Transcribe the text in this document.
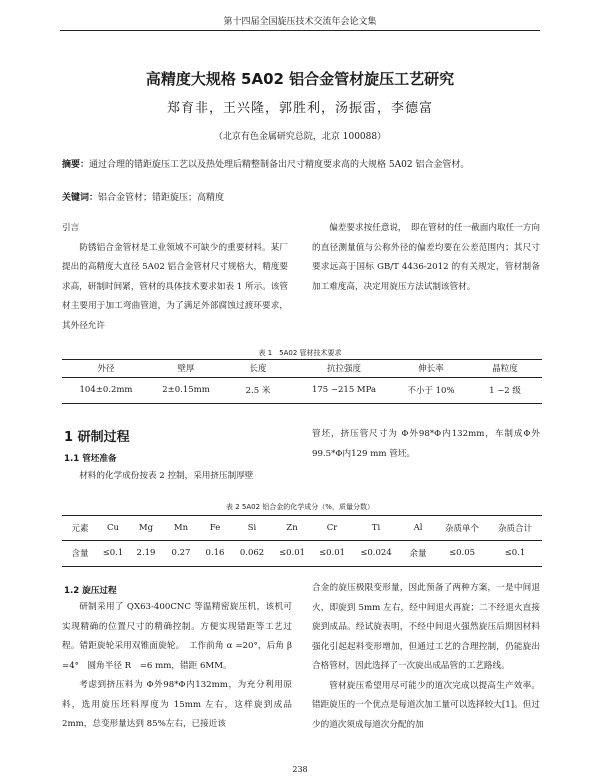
第十四届全国旋压技术交流年会论文集
高精度大规格 5A02 铝合金管材旋压工艺研究
郑育非，王兴隆，郭胜利，汤振雷，李德富
（北京有色金属研究总院，北京 100088）
摘要：通过合理的错距旋压工艺以及热处理后精整制备出尺寸精度要求高的大规格 5A02 铝合金管材。
关键词：铝合金管材；错距旋压；高精度

引言

防锈铝合金管材是工业领域不可缺少的重要材料。某厂提出的高精度大直径 5A02 铝合金管材尺寸规格大，精度要求高，研制时间紧，管材的具体技术要求如表 1 所示。该管材主要用于加工弯曲管道，为了满足外部腐蚀过渡环要求，其外径允许

偏差要求按任意说，　即在管材的任一截面内取任一方向的直径测量值与公称外径的偏差均要在公差范围内；其尺寸要求远高于国标 GB/T 4436-2012 的有关规定，管材制备加工难度高，决定用旋压方法试制该管材。

表 1　5A02 管材技术要求
外径	壁厚	长度	抗拉强度	伸长率	晶粒度
104±0.2mm	2±0.15mm	2.5 米	175 ~215 MPa	不小于 10%	1 ~2 级
1 研制过程
1.1 管坯准备

材料的化学成份按表 2 控制，采用挤压制厚壁

管坯，挤压管尺寸为 Φ外98*Φ内132mm，车制成Φ外99.5*Φ内129 mm 管坯。

表 2 5A02 铝合金的化学成分（%，质量分数）
元素	Cu	Mg	Mn	Fe	Si	Zn	Cr	Ti	Al	杂质单个	杂质合计
含量	≤0.1	2.19	0.27	0.16	0.062	≤0.01	≤0.01	≤0.024	余量	≤0.05	≤0.1
1.2 旋压过程

研制采用了 QX63-400CNC 等温精密旋压机，该机可实现精确的位置尺寸的精确控制。方便实现错距等工艺过程。错距旋轮采用双锥面旋轮。　工作前角 α =20°，后角 β =4°　圆角半径 R　=6 mm，错距 6MM。

考虑到挤压料为 Φ外98*Φ内132mm，为充分利用原料，选用旋压坯料厚度为 15mm 左右，这样旋到成品 2mm，总变形量达到 85%左右，已接近该

合金的旋压极限变形量，因此预备了两种方案，一是中间退火，即旋到 5mm 左右，经中间退火再旋；二不经退火直接旋到成品。经试旋表明，不经中间退火强然旋压后期因材料强化引起起料变形增加，但通过工艺的合理控制，仍能旋出合格管材，因此选择了一次旋出成品管的工艺路线。

管材旋压希望用尽可能少的道次完成以提高生产效率。错距旋压的一个优点是每道次加工量可以选择较大[1]。但过少的道次须成每道次分配的加

238
